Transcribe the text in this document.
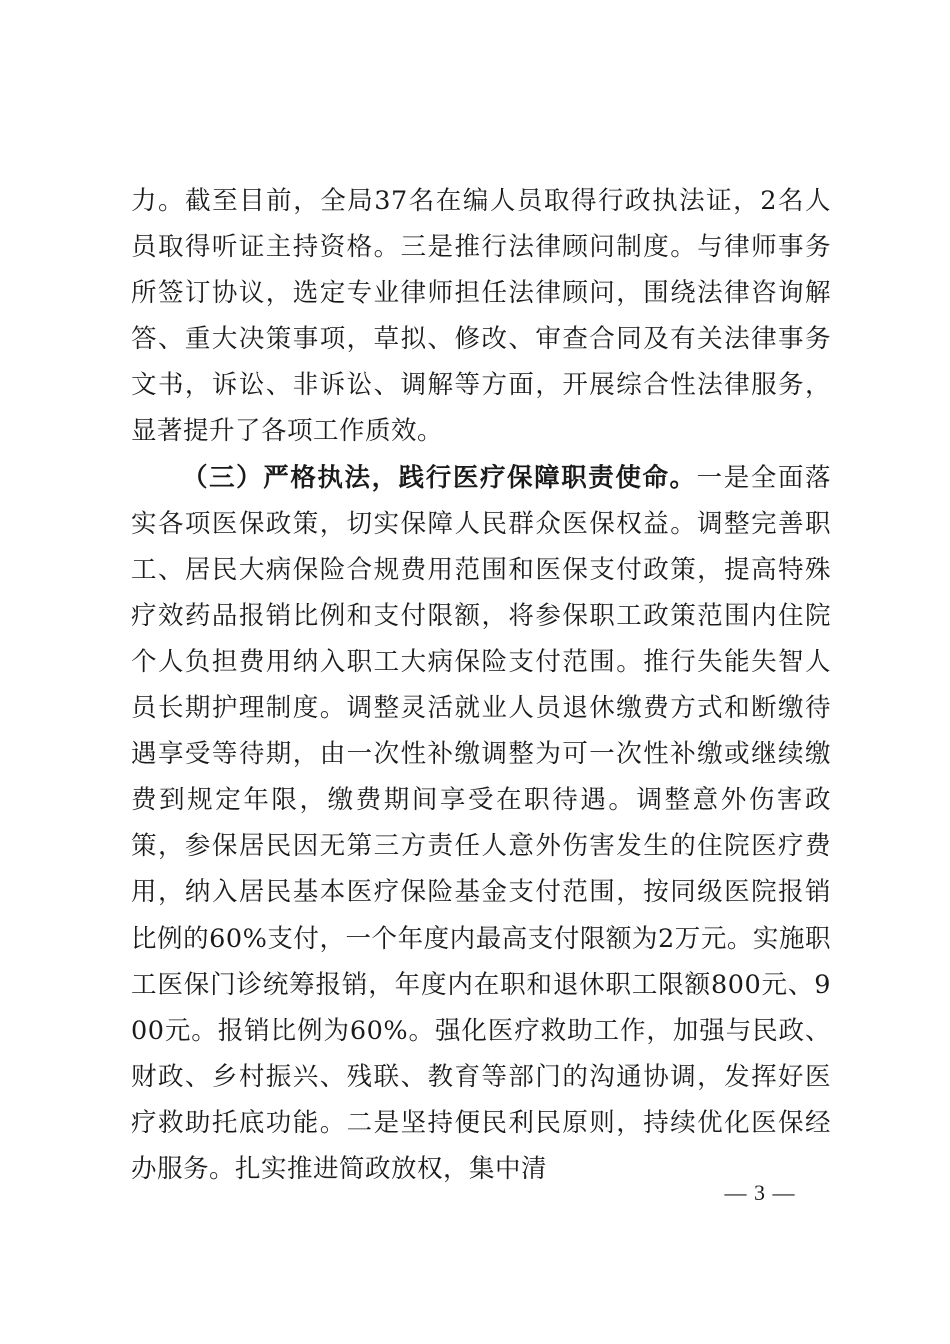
力。截至目前，全局37名在编人员取得行政执法证，2名人员取得听证主持资格。三是推行法律顾问制度。与律师事务所签订协议，选定专业律师担任法律顾问，围绕法律咨询解答、重大决策事项，草拟、修改、审查合同及有关法律事务文书，诉讼、非诉讼、调解等方面，开展综合性法律服务，显著提升了各项工作质效。

（三）严格执法，践行医疗保障职责使命。一是全面落实各项医保政策，切实保障人民群众医保权益。调整完善职工、居民大病保险合规费用范围和医保支付政策，提高特殊疗效药品报销比例和支付限额，将参保职工政策范围内住院个人负担费用纳入职工大病保险支付范围。推行失能失智人员长期护理制度。调整灵活就业人员退休缴费方式和断缴待遇享受等待期，由一次性补缴调整为可一次性补缴或继续缴费到规定年限，缴费期间享受在职待遇。调整意外伤害政策，参保居民因无第三方责任人意外伤害发生的住院医疗费用，纳入居民基本医疗保险基金支付范围，按同级医院报销比例的60%支付，一个年度内最高支付限额为2万元。实施职工医保门诊统筹报销，年度内在职和退休职工限额800元、900元。报销比例为60%。强化医疗救助工作，加强与民政、财政、乡村振兴、残联、教育等部门的沟通协调，发挥好医疗救助托底功能。二是坚持便民利民原则，持续优化医保经办服务。扎实推进简政放权，集中清

— 3 —
